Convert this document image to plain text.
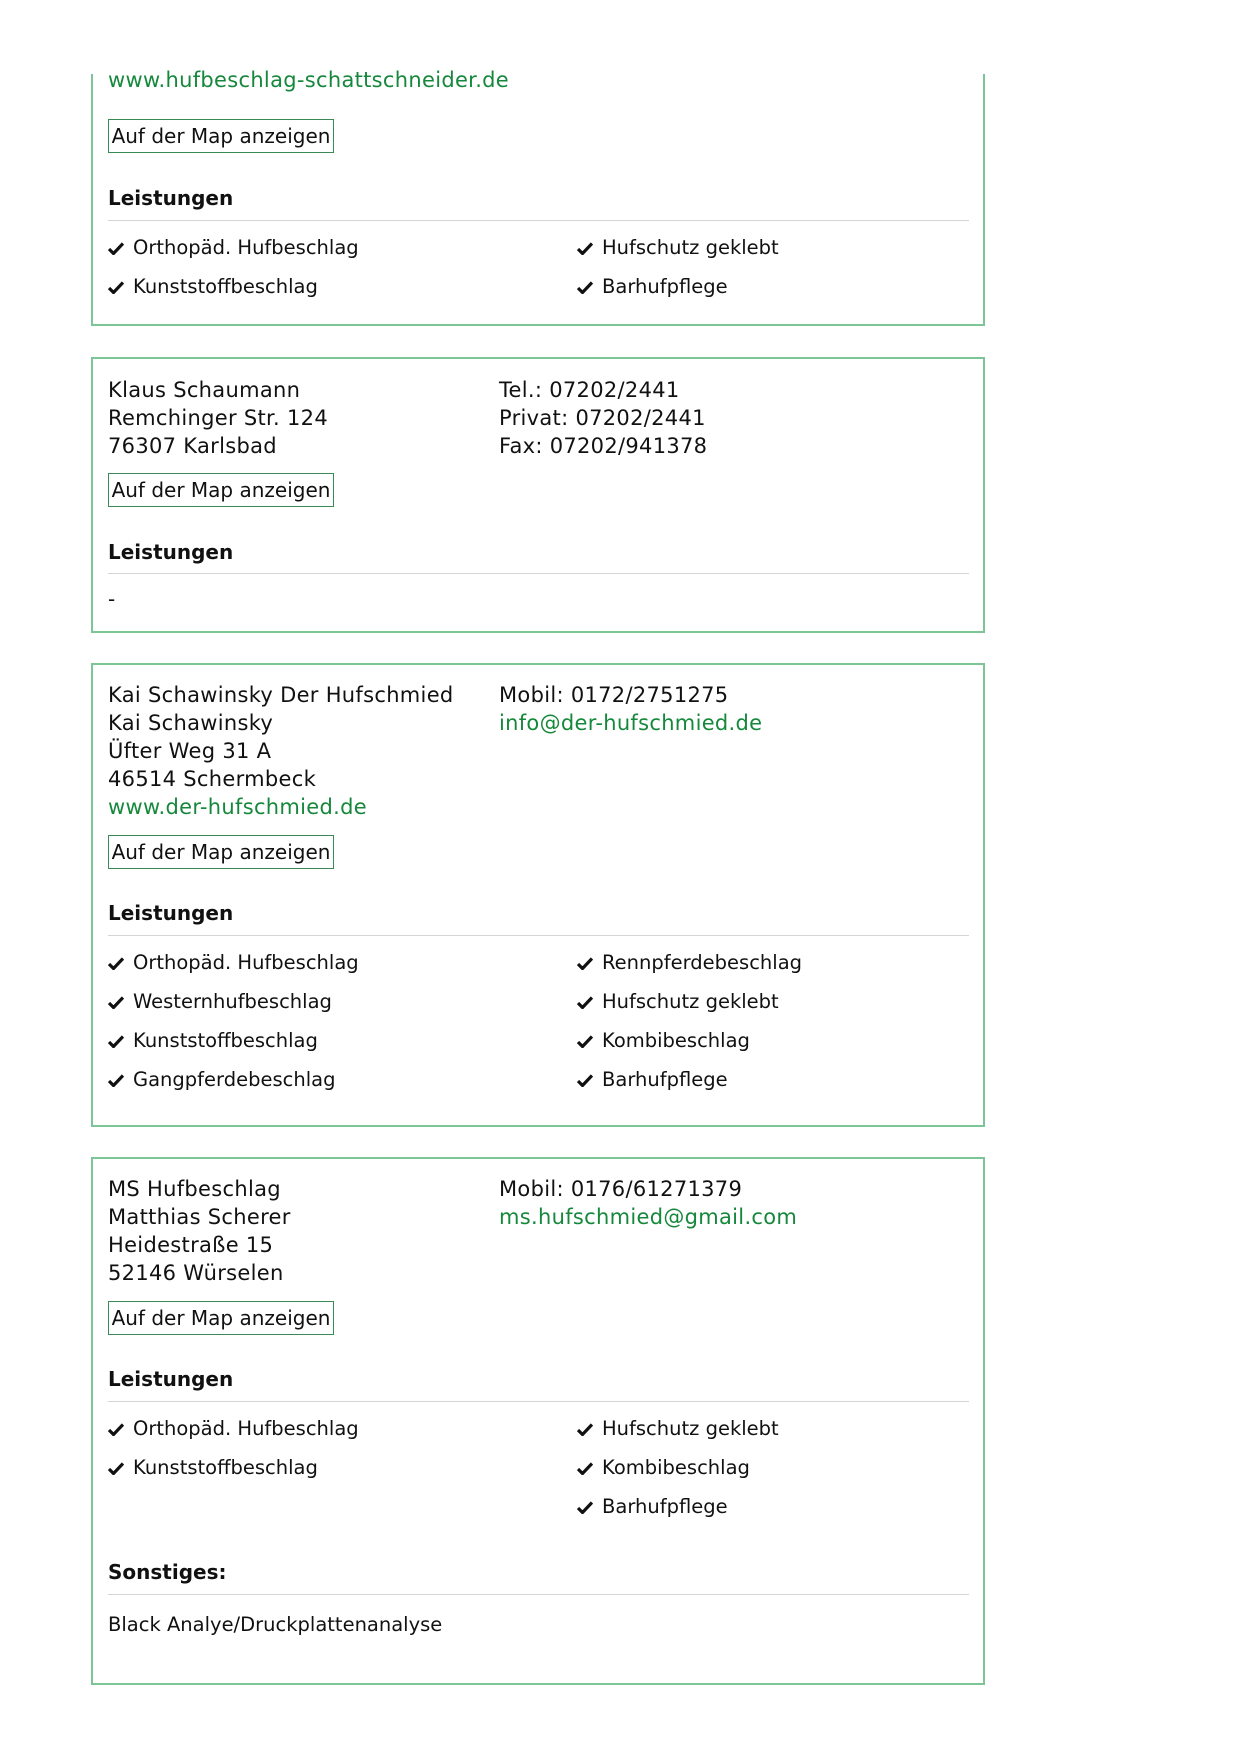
www.hufbeschlag-schattschneider.de
Auf der Map anzeigen
Leistungen
Orthopäd. Hufbeschlag
Kunststoffbeschlag
Hufschutz geklebt
Barhufpflege
Klaus Schaumann
Remchinger Str. 124
76307 Karlsbad
Tel.: 07202/2441
Privat: 07202/2441
Fax: 07202/941378
Auf der Map anzeigen
Leistungen
-
Kai Schawinsky Der Hufschmied
Kai Schawinsky
Üfter Weg 31 A
46514 Schermbeck
www.der-hufschmied.de
Mobil: 0172/2751275
info@der-hufschmied.de
Auf der Map anzeigen
Leistungen
Orthopäd. Hufbeschlag
Westernhufbeschlag
Kunststoffbeschlag
Gangpferdebeschlag
Rennpferdebeschlag
Hufschutz geklebt
Kombibeschlag
Barhufpflege
MS Hufbeschlag
Matthias Scherer
Heidestraße 15
52146 Würselen
Mobil: 0176/61271379
ms.hufschmied@gmail.com
Auf der Map anzeigen
Leistungen
Orthopäd. Hufbeschlag
Kunststoffbeschlag
Hufschutz geklebt
Kombibeschlag
Barhufpflege
Sonstiges:
Black Analye/Druckplattenanalyse
